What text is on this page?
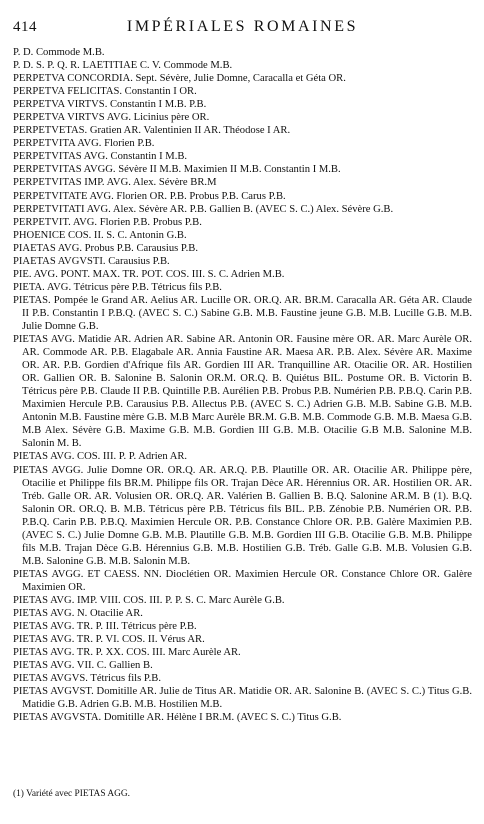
414	IMPÉRIALES ROMAINES

P. D. Commode M.B.

P. D. S. P. Q. R. LAETITIAE C. V. Commode M.B.

PERPETVA CONCORDIA. Sept. Sévère, Julie Domne, Caracalla et Géta OR.

PERPETVA FELICITAS. Constantin I OR.

PERPETVA VIRTVS. Constantin I M.B. P.B.

PERPETVA VIRTVS AVG. Licinius père OR.

PERPETVETAS. Gratien AR. Valentinien II AR. Théodose I AR.

PERPETVITA AVG. Florien P.B.

PERPETVITAS AVG. Constantin I M.B.

PERPETVITAS AVGG. Sévère II M.B. Maximien II M.B. Constantin I M.B.

PERPETVITAS IMP. AVG. Alex. Sévère BR.M

PERPETVITATE AVG. Florien OR. P.B. Probus P.B. Carus P.B.

PERPETVITATI AVG. Alex. Sévère AR. P.B. Gallien B. (AVEC S. C.) Alex. Sévère G.B.

PERPETVIT. AVG. Florien P.B. Probus P.B.

PHOENICE COS. II. S. C. Antonin G.B.

PIAETAS AVG. Probus P.B. Carausius P.B.

PIAETAS AVGVSTI. Carausius P.B.

PIE. AVG. PONT. MAX. TR. POT. COS. III. S. C. Adrien M.B.

PIETA. AVG. Tétricus père P.B. Tétricus fils P.B.

PIETAS. Pompée le Grand AR. Aelius AR. Lucille OR. OR.Q. AR. BR.M. Caracalla AR. Géta AR. Claude II P.B. Constantin I P.B.Q. (AVEC S. C.) Sabine G.B. M.B. Faustine jeune G.B. M.B. Lucille G.B. M.B. Julie Domne G.B.

PIETAS AVG. Matidie AR. Adrien AR. Sabine AR. Antonin OR. Fausine mère OR. AR. Marc Aurèle OR. AR. Commode AR. P.B. Elagabale AR. Annia Faustine AR. Maesa AR. P.B. Alex. Sévère AR. Maxime OR. AR. P.B. Gordien d'Afrique fils AR. Gordien III AR. Tranquilline AR. Otacilie OR. AR. Hostilien OR. Gallien OR. B. Salonine B. Salonin OR.M. OR.Q. B. Quiétus BIL. Postume OR. B. Victorin B. Tétricus père P.B. Claude II P.B. Quintille P.B. Aurélien P.B. Probus P.B. Numérien P.B. P.B.Q. Carin P.B. Maximien Hercule P.B. Carausius P.B. Allectus P.B. (AVEC S. C.) Adrien G.B. M.B. Sabine G.B. M.B. Antonin M.B. Faustine mère G.B. M.B Marc Aurèle BR.M. G.B. M.B. Commode G.B. M.B. Maesa G.B. M.B Alex. Sévère G.B. Maxime G.B. M.B. Gordien III G.B. M.B. Otacilie G.B M.B. Salonine M.B. Salonin M. B.

PIETAS AVG. COS. III. P. P. Adrien AR.

PIETAS AVGG. Julie Domne OR. OR.Q. AR. AR.Q. P.B. Plautille OR. AR. Otacilie AR. Philippe père, Otacilie et Philippe fils BR.M. Philippe fils OR. Trajan Dèce AR. Hérennius OR. AR. Hostilien OR. AR. Tréb. Galle OR. AR. Volusien OR. OR.Q. AR. Valérien B. Gallien B. B.Q. Salonine AR.M. B (1). B.Q. Salonin OR. OR.Q. B. M.B. Tétricus père P.B. Tétricus fils BIL. P.B. Zénobie P.B. Numérien OR. P.B. P.B.Q. Carin P.B. P.B.Q. Maximien Hercule OR. P.B. Constance Chlore OR. P.B. Galère Maximien P.B. (AVEC S. C.) Julie Domne G.B. M.B. Plautille G.B. M.B. Gordien III G.B. Otacilie G.B. M.B. Philippe fils M.B. Trajan Dèce G.B. Hérennius G.B. M.B. Hostilien G.B. Tréb. Galle G.B. M.B. Volusien G.B. M.B. Salonine G.B. M.B. Salonin M.B.

PIETAS AVGG. ET CAESS. NN. Dioclétien OR. Maximien Hercule OR. Constance Chlore OR. Galère Maximien OR.

PIETAS AVG. IMP. VIII. COS. III. P. P. S. C. Marc Aurèle G.B.

PIETAS AVG. N. Otacilie AR.

PIETAS AVG. TR. P. III. Tétricus père P.B.

PIETAS AVG. TR. P. VI. COS. II. Vérus AR.

PIETAS AVG. TR. P. XX. COS. III. Marc Aurèle AR.

PIETAS AVG. VII. C. Gallien B.

PIETAS AVGVS. Tétricus fils P.B.

PIETAS AVGVST. Domitille AR. Julie de Titus AR. Matidie OR. AR. Salonine B. (AVEC S. C.) Titus G.B. Matidie G.B. Adrien G.B. M.B. Hostilien M.B.

PIETAS AVGVSTA. Domitille AR. Hélène I BR.M. (AVEC S. C.) Titus G.B.

(1) Variété avec PIETAS AGG.
